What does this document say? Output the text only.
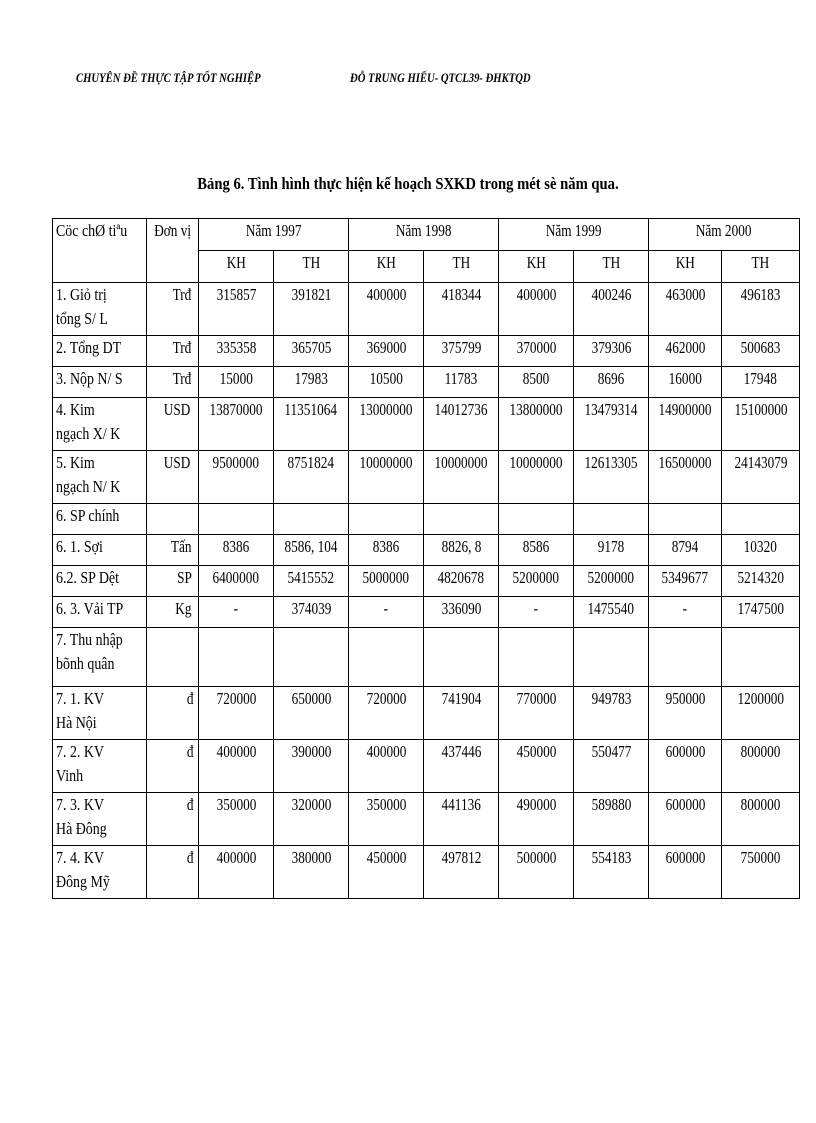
CHUYÊN ĐỀ THỰC TẬP TỐT NGHIỆP	ĐỖ TRUNG HIẾU- QTCL39- ĐHKTQD
Bảng 6. Tình hình thực hiện kế hoạch SXKD trong mét sè năm qua.
Cöc chØ tiªu	Đơn vị	Năm 1997		Năm 1998		Năm 1999		Năm 2000	
		KH	TH	KH	TH	KH	TH	KH	TH
1. Giỏ trị
tổng S/ L	Trđ	315857	391821	400000	418344	400000	400246	463000	496183
2. Tổng DT	Trđ	335358	365705	369000	375799	370000	379306	462000	500683
3. Nộp N/ S	Trđ	15000	17983	10500	11783	8500	8696	16000	17948
4. Kim
ngạch X/ K	USD	13870000	11351064	13000000	14012736	13800000	13479314	14900000	15100000
5. Kim
ngạch N/ K	USD	9500000	8751824	10000000	10000000	10000000	12613305	16500000	24143079
6. SP chính									
6. 1. Sợi	Tấn	8386	8586, 104	8386	8826, 8	8586	9178	8794	10320
6.2. SP Dệt	SP	6400000	5415552	5000000	4820678	5200000	5200000	5349677	5214320
6. 3. Vải TP	Kg	-	374039	-	336090	-	1475540	-	1747500
7. Thu nhập
bõnh quân									
7. 1. KV
Hà Nội	đ	720000	650000	720000	741904	770000	949783	950000	1200000
7. 2. KV
Vinh	đ	400000	390000	400000	437446	450000	550477	600000	800000
7. 3. KV
Hà Đông	đ	350000	320000	350000	441136	490000	589880	600000	800000
7. 4. KV
Đông Mỹ	đ	400000	380000	450000	497812	500000	554183	600000	750000
